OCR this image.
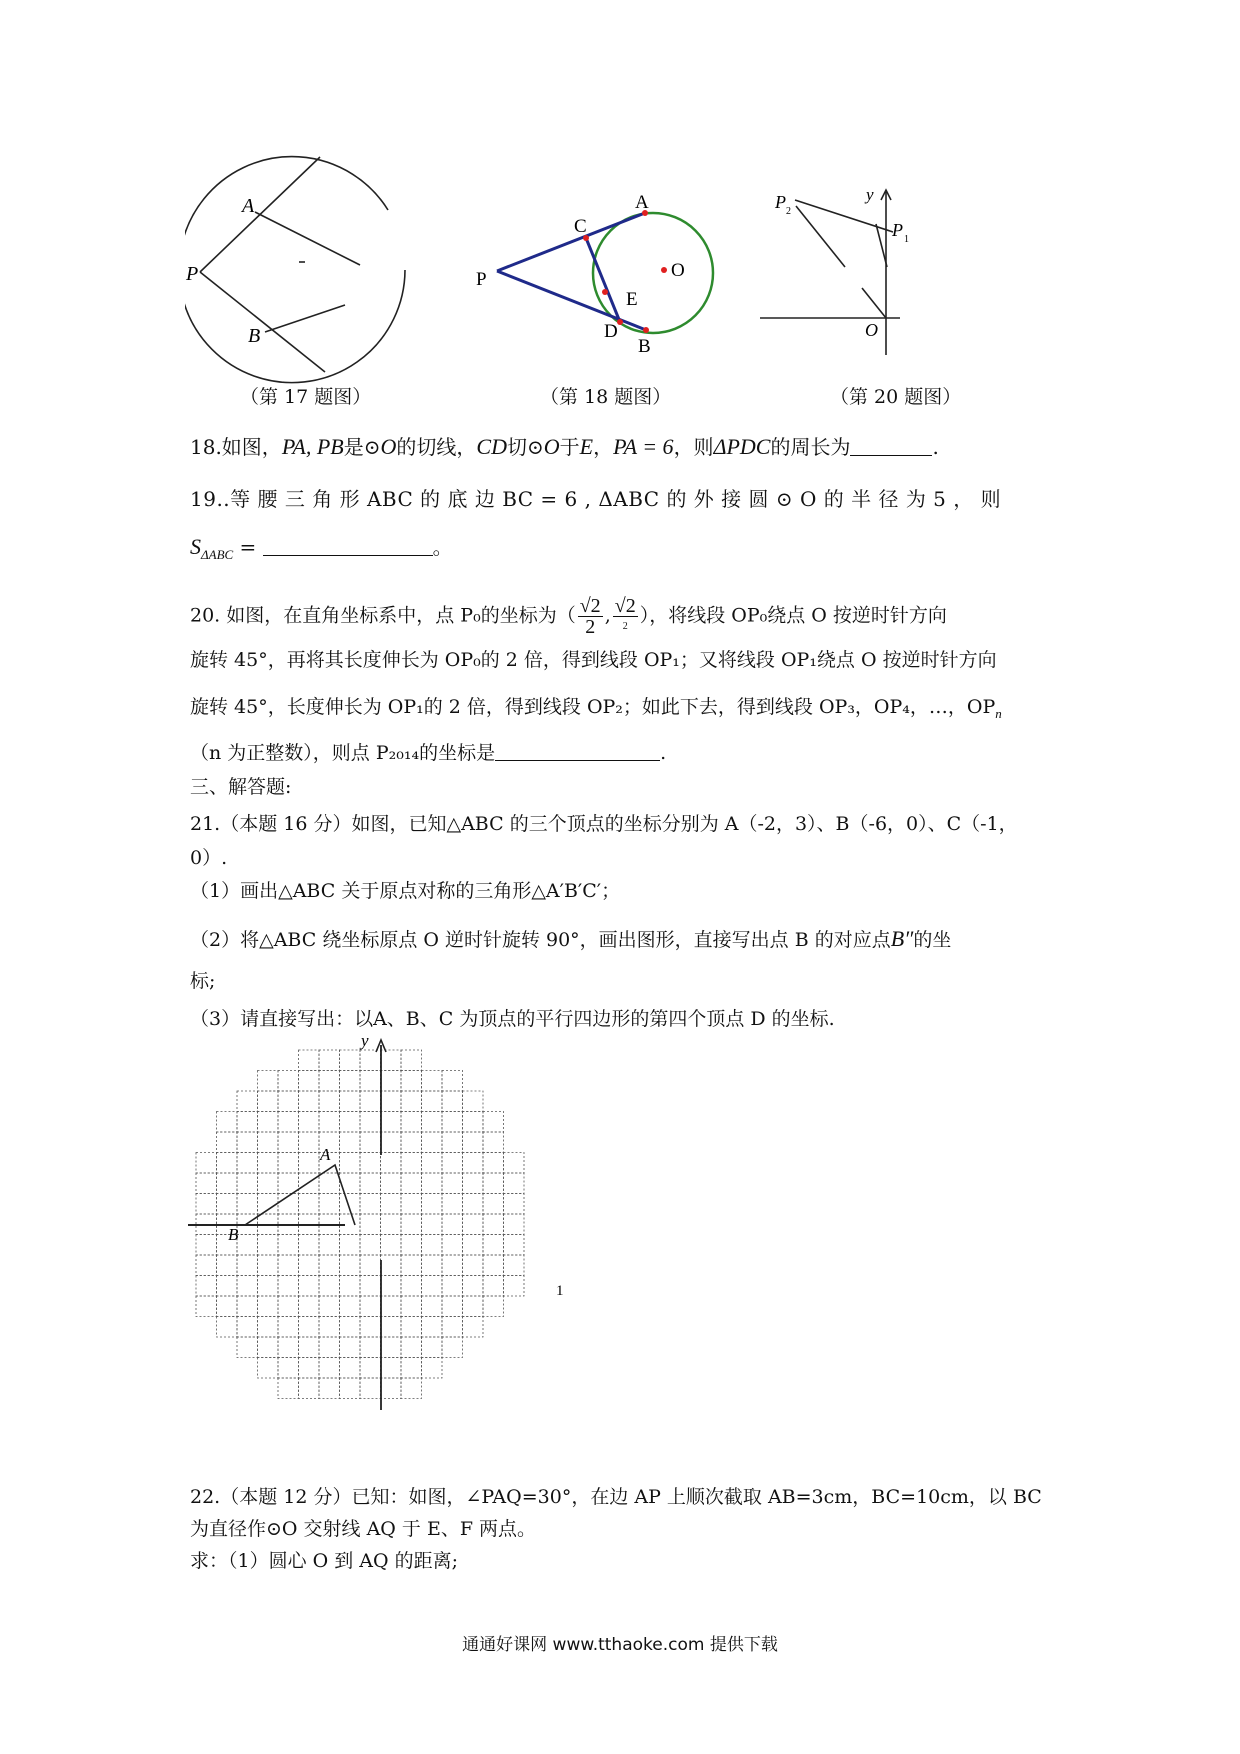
A
P
B
（第 17 题图）
A
C
P	O
E
D
B
（第 18 题图）
y
P 2
P 1
O
（第 20 题图）
18.如图，PA, PB是⊙O的切线，CD切⊙O于E，PA = 6，则ΔPDC的周长为	.
19..等 腰 三 角 形 ABC 的 底 边 BC = 6 , ΔABC 的 外 接 圆 ⊙ O 的 半 径 为 5 ， 则
$S_{\Delta ABC}$ =	。
20. 如图，在直角坐标系中，点 P₀的坐标为（ $\frac{√2}{2}$ , $\frac{√2}{2}$ ），将线段 OP₀绕点 O 按逆时针方向
旋转 45°，再将其长度伸长为 OP₀的 2 倍，得到线段 OP₁；又将线段 OP₁绕点 O 按逆时针方向
旋转 45°，长度伸长为 OP₁的 2 倍，得到线段 OP₂；如此下去，得到线段 OP₃，OP₄，…，$OP_n$
（n 为正整数），则点 P₂₀₁₄的坐标是	.
三、解答题:
21.（本题 16 分）如图，已知△ABC 的三个顶点的坐标分别为 A（-2，3）、B（-6，0）、C（-1，
0）.
（1）画出△ABC 关于原点对称的三角形△A′B′C′；
（2）将△ABC 绕坐标原点 O 逆时针旋转 90°，画出图形，直接写出点 B 的对应点B″的坐
标;
（3）请直接写出：以A、B、C 为顶点的平行四边形的第四个顶点 D 的坐标.
y
A
B
1
22.（本题 12 分）已知：如图，∠PAQ=30°，在边 AP 上顺次截取 AB=3cm，BC=10cm，以 BC
为直径作⊙O 交射线 AQ 于 E、F 两点。
求：（1）圆心 O 到 AQ 的距离;
通通好课网 www.tthaoke.com 提供下载
